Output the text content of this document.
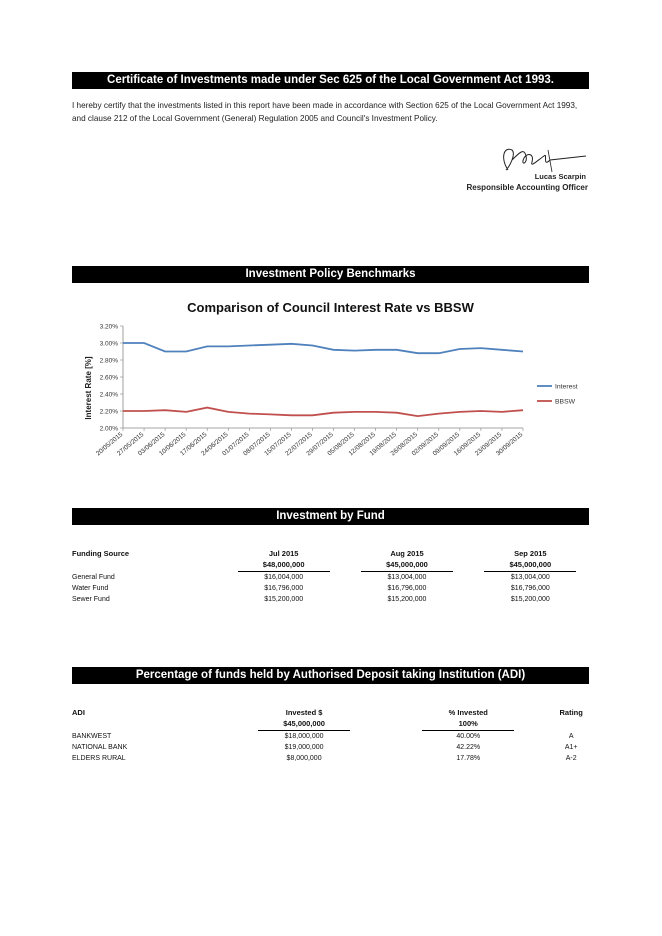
Certificate of Investments made under Sec 625 of the Local Government Act 1993.
I hereby certify that the investments listed in this report have been made in accordance with Section 625 of the Local Government Act 1993, and clause 212 of the Local Government (General) Regulation 2005 and Council's Investment Policy.
Lucas Scarpin
Responsible Accounting Officer
Investment Policy Benchmarks
Comparison of Council Interest Rate vs BBSW
2.00%
2.20%
2.40%
2.60%
2.80%
3.00%
3.20%
20/05/2015
27/05/2015
03/06/2015
10/06/2015
17/06/2015
24/06/2015
01/07/2015
08/07/2015
15/07/2015
22/07/2015
29/07/2015
05/08/2015
12/08/2015
19/08/2015
26/08/2015
02/09/2015
09/09/2015
16/09/2015
23/09/2015
30/09/2015
Interest
BBSW
Interest Rate [%]
Investment by Fund
Funding Source	Jul 2015	Aug 2015	Sep 2015
	$48,000,000	$45,000,000	$45,000,000
General Fund	$16,004,000	$13,004,000	$13,004,000
Water Fund	$16,796,000	$16,796,000	$16,796,000
Sewer Fund	$15,200,000	$15,200,000	$15,200,000
Percentage of funds held by Authorised Deposit taking Institution (ADI)
ADI	Invested $	% Invested	Rating
	$45,000,000	100%	
BANKWEST	$18,000,000	40.00%	A
NATIONAL BANK	$19,000,000	42.22%	A1+
ELDERS RURAL	$8,000,000	17.78%	A-2
